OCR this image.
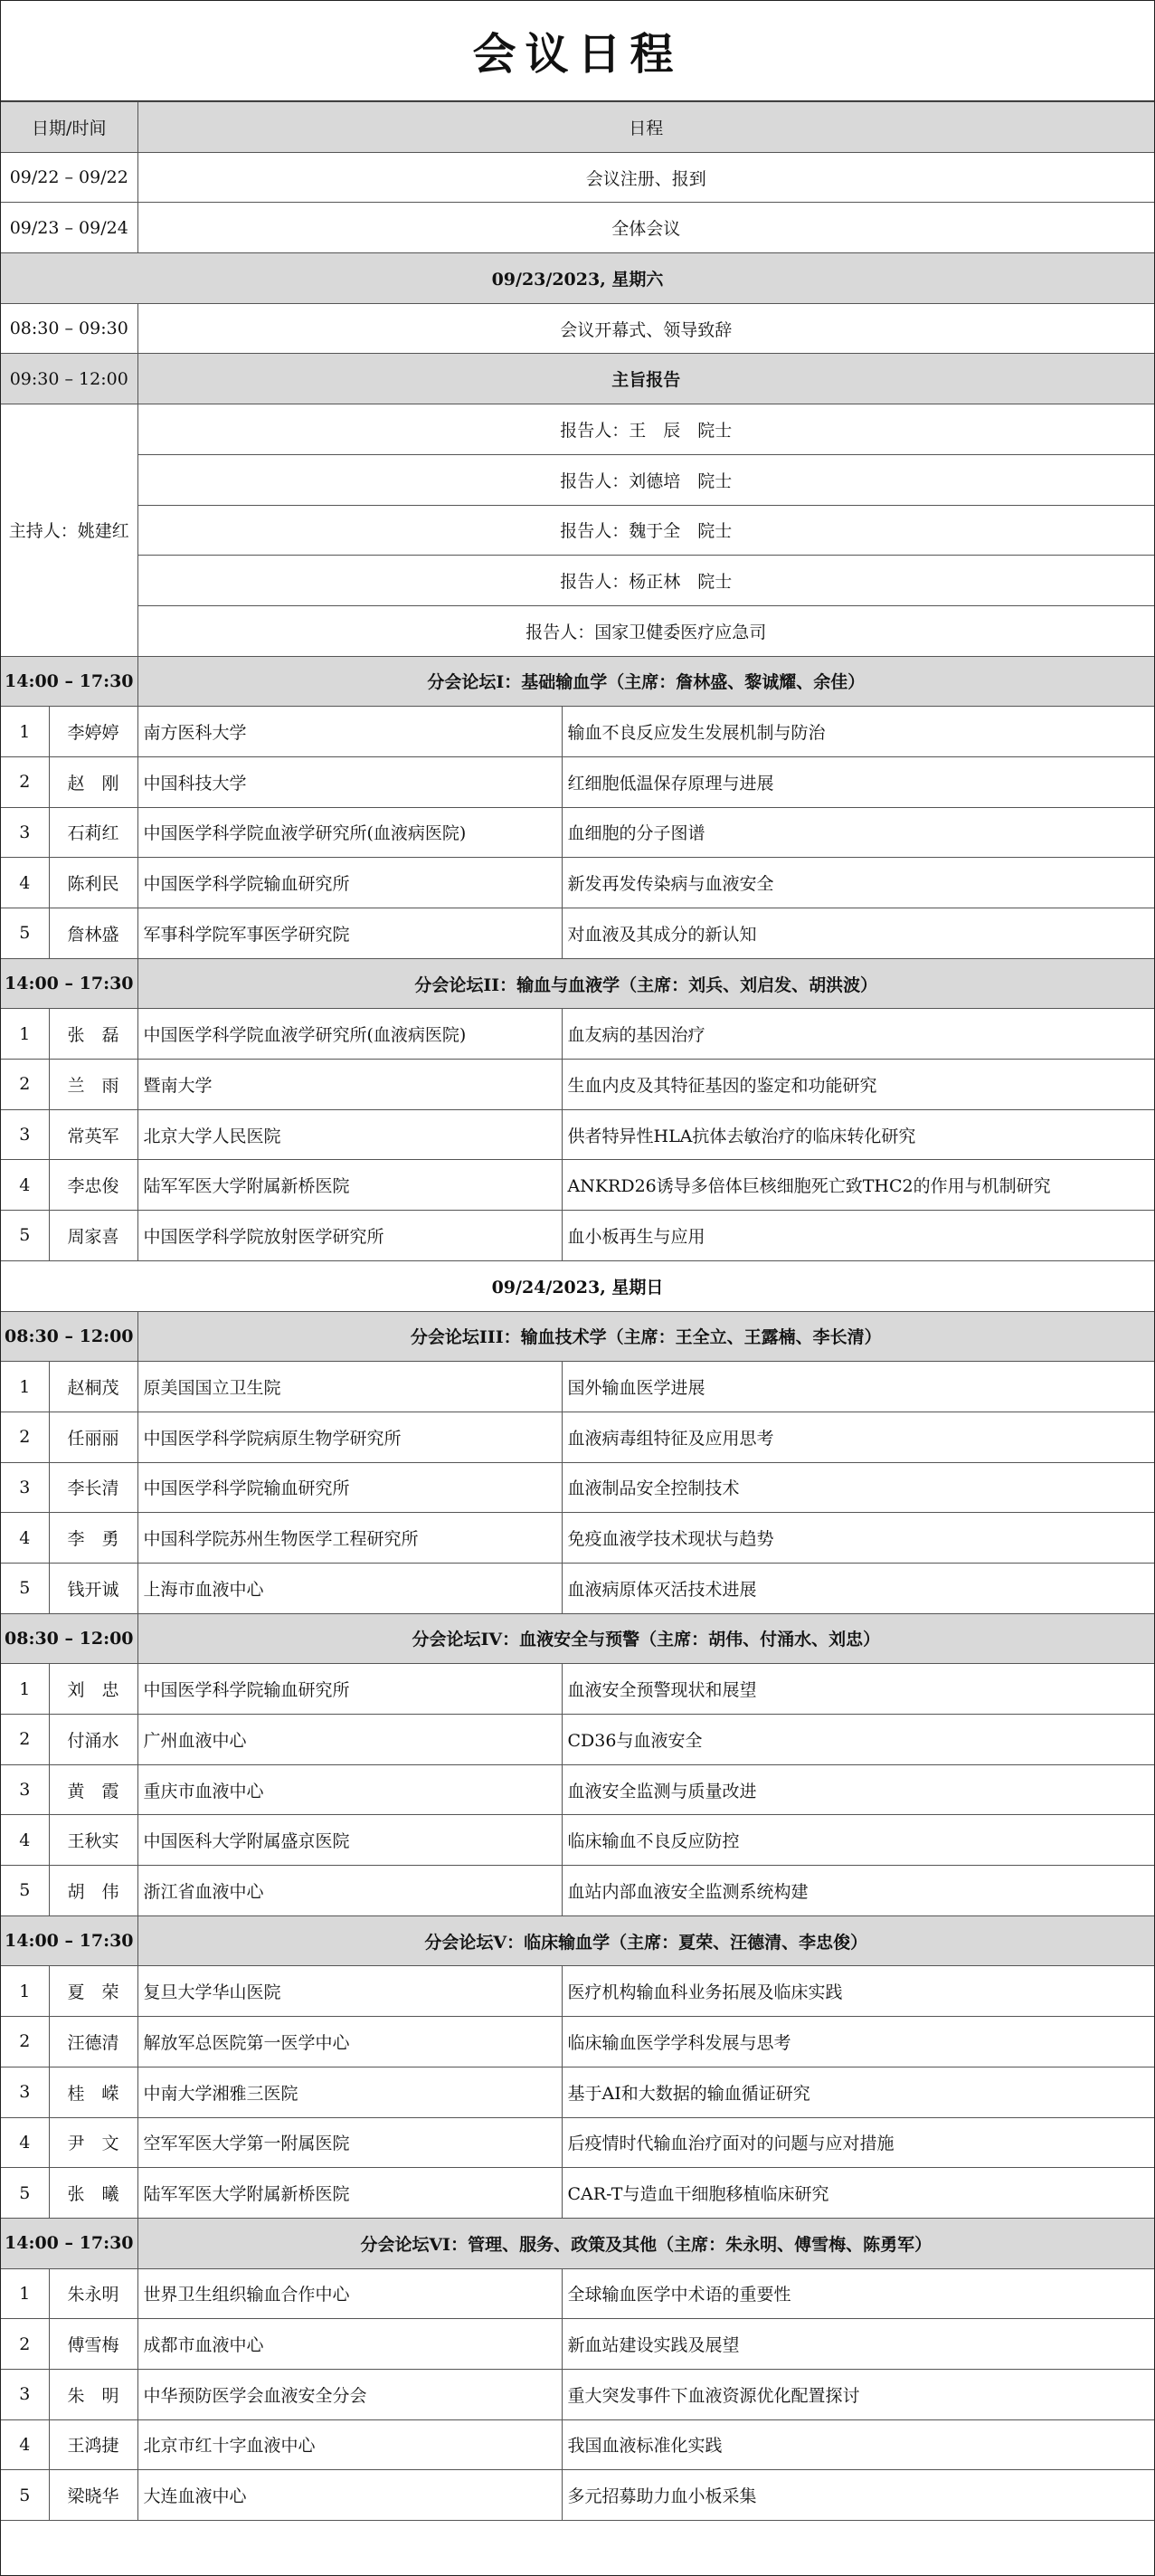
会议日程
日期/时间		日程	
09/22 – 09/22		会议注册、报到	
09/23 – 09/24		全体会议	
09/23/2023, 星期六			
08:30 – 09:30		会议开幕式、领导致辞	
09:30 – 12:00		主旨报告	
主持人：姚建红		报告人：王　辰　院士	
		报告人：刘德培　院士	
		报告人：魏于全　院士	
		报告人：杨正林　院士	
		报告人：国家卫健委医疗应急司	
14:00 – 17:30		分会论坛I：基础输血学（主席：詹林盛、黎诚耀、余佳）	
1	李婷婷	南方医科大学	输血不良反应发生发展机制与防治
2	赵　刚	中国科技大学	红细胞低温保存原理与进展
3	石莉红	中国医学科学院血液学研究所(血液病医院)	血细胞的分子图谱
4	陈利民	中国医学科学院输血研究所	新发再发传染病与血液安全
5	詹林盛	军事科学院军事医学研究院	对血液及其成分的新认知
14:00 – 17:30		分会论坛II：输血与血液学（主席：刘兵、刘启发、胡洪波）	
1	张　磊	中国医学科学院血液学研究所(血液病医院)	血友病的基因治疗
2	兰　雨	暨南大学	生血内皮及其特征基因的鉴定和功能研究
3	常英军	北京大学人民医院	供者特异性HLA抗体去敏治疗的临床转化研究
4	李忠俊	陆军军医大学附属新桥医院	ANKRD26诱导多倍体巨核细胞死亡致THC2的作用与机制研究
5	周家喜	中国医学科学院放射医学研究所	血小板再生与应用
09/24/2023, 星期日			
08:30 – 12:00		分会论坛III：输血技术学（主席：王全立、王露楠、李长清）	
1	赵桐茂	原美国国立卫生院	国外输血医学进展
2	任丽丽	中国医学科学院病原生物学研究所	血液病毒组特征及应用思考
3	李长清	中国医学科学院输血研究所	血液制品安全控制技术
4	李　勇	中国科学院苏州生物医学工程研究所	免疫血液学技术现状与趋势
5	钱开诚	上海市血液中心	血液病原体灭活技术进展
08:30 – 12:00		分会论坛IV：血液安全与预警（主席：胡伟、付涌水、刘忠）	
1	刘　忠	中国医学科学院输血研究所	血液安全预警现状和展望
2	付涌水	广州血液中心	CD36与血液安全
3	黄　霞	重庆市血液中心	血液安全监测与质量改进
4	王秋实	中国医科大学附属盛京医院	临床输血不良反应防控
5	胡　伟	浙江省血液中心	血站内部血液安全监测系统构建
14:00 – 17:30		分会论坛V：临床输血学（主席：夏荣、汪德清、李忠俊）	
1	夏　荣	复旦大学华山医院	医疗机构输血科业务拓展及临床实践
2	汪德清	解放军总医院第一医学中心	临床输血医学学科发展与思考
3	桂　嵘	中南大学湘雅三医院	基于AI和大数据的输血循证研究
4	尹　文	空军军医大学第一附属医院	后疫情时代输血治疗面对的问题与应对措施
5	张　曦	陆军军医大学附属新桥医院	CAR-T与造血干细胞移植临床研究
14:00 – 17:30		分会论坛VI：管理、服务、政策及其他（主席：朱永明、傅雪梅、陈勇军）	
1	朱永明	世界卫生组织输血合作中心	全球输血医学中术语的重要性
2	傅雪梅	成都市血液中心	新血站建设实践及展望
3	朱　明	中华预防医学会血液安全分会	重大突发事件下血液资源优化配置探讨
4	王鸿捷	北京市红十字血液中心	我国血液标准化实践
5	梁晓华	大连血液中心	多元招募助力血小板采集
